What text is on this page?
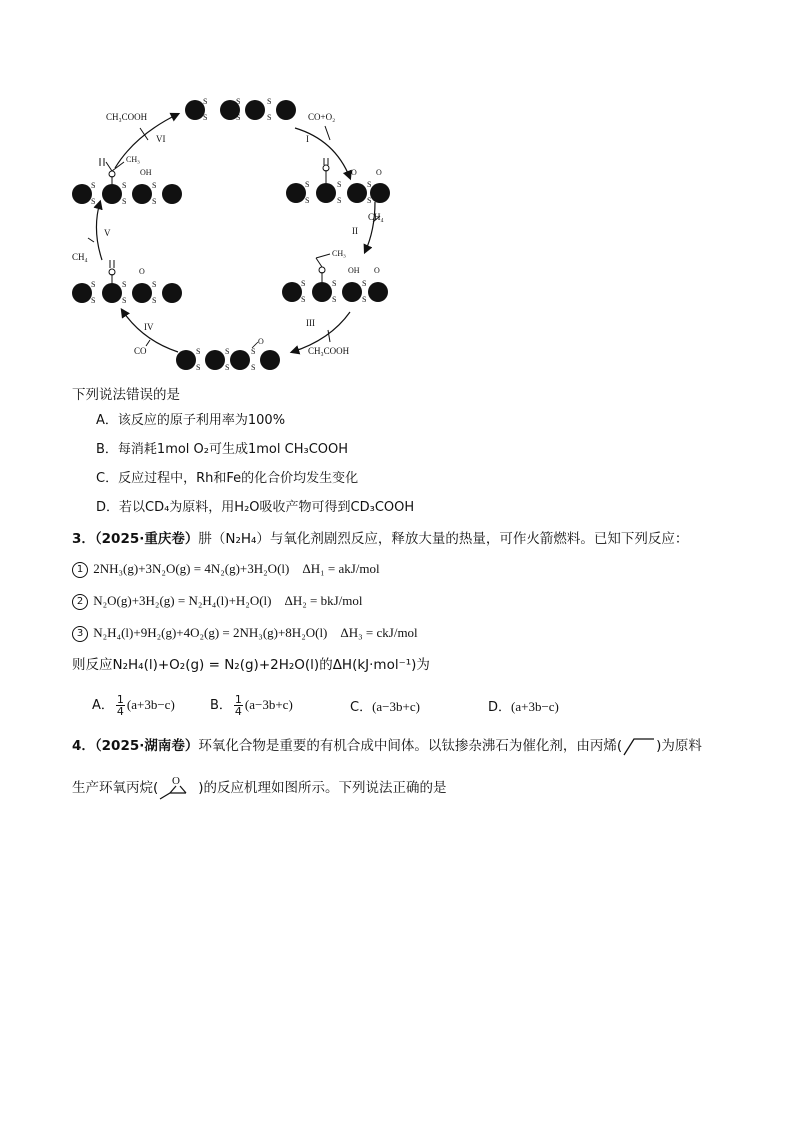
S
S
S
S
S
S
CH₃COOH
VI
CO+O₂
I
S
S
S
S
S
S
O O
CH₄
II
S
S
S
S
S
S
CH₃
OH O
III
CH₃COOH
S
S
S
S
S
S
O
IV
CO
S
S
S
S
S
S
O
CH₄
V
S
S
S
S
S
S
CH₃
OH
下列说法错误的是
A．该反应的原子利用率为100%
B．每消耗1mol O₂可生成1mol CH₃COOH
C．反应过程中，Rh和Fe的化合价均发生变化
D．若以CD₄为原料，用H₂O吸收产物可得到CD₃COOH
3．（2025·重庆卷）肼（N₂H₄）与氧化剂剧烈反应，释放大量的热量，可作火箭燃料。已知下列反应：
1 2NH₃(g)+3N₂O(g) = 4N₂(g)+3H₂O(l) ΔH₁ = akJ/mol
2 N₂O(g)+3H₂(g) = N₂H₄(l)+H₂O(l) ΔH₂ = bkJ/mol
3 N₂H₄(l)+9H₂(g)+4O₂(g) = 2NH₃(g)+8H₂O(l) ΔH₃ = ckJ/mol
则反应N₂H₄(l)+O₂(g) = N₂(g)+2H₂O(l)的ΔH(kJ·mol⁻¹)为
A． $\frac{1}{4} (a+3b-c)$	B． $\frac{1}{4} (a-3b+c)$	C．(a−3b+c)	D．(a+3b−c)
4．（2025·湖南卷）环氧化合物是重要的有机合成中间体。以钛掺杂沸石为催化剂，由丙烯(	)为原料
生产环氧丙烷( O )的反应机理如图所示。下列说法正确的是
